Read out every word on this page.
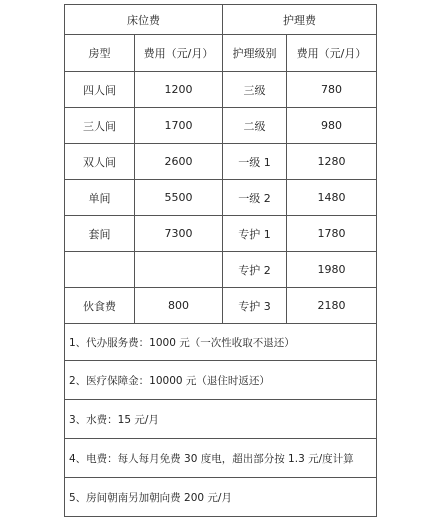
床位费		护理费	
房型	费用（元/月）	护理级别	费用（元/月）
四人间	1200	三级	780
三人间	1700	二级	980
双人间	2600	一级 1	1280
单间	5500	一级 2	1480
套间	7300	专护 1	1780
		专护 2	1980
伙食费	800	专护 3	2180
1、代办服务费：1000 元（一次性收取不退还）			
2、医疗保障金：10000 元（退住时返还）			
3、水费：15 元/月			
4、电费：每人每月免费 30 度电，超出部分按 1.3 元/度计算			
5、房间朝南另加朝向费 200 元/月			
